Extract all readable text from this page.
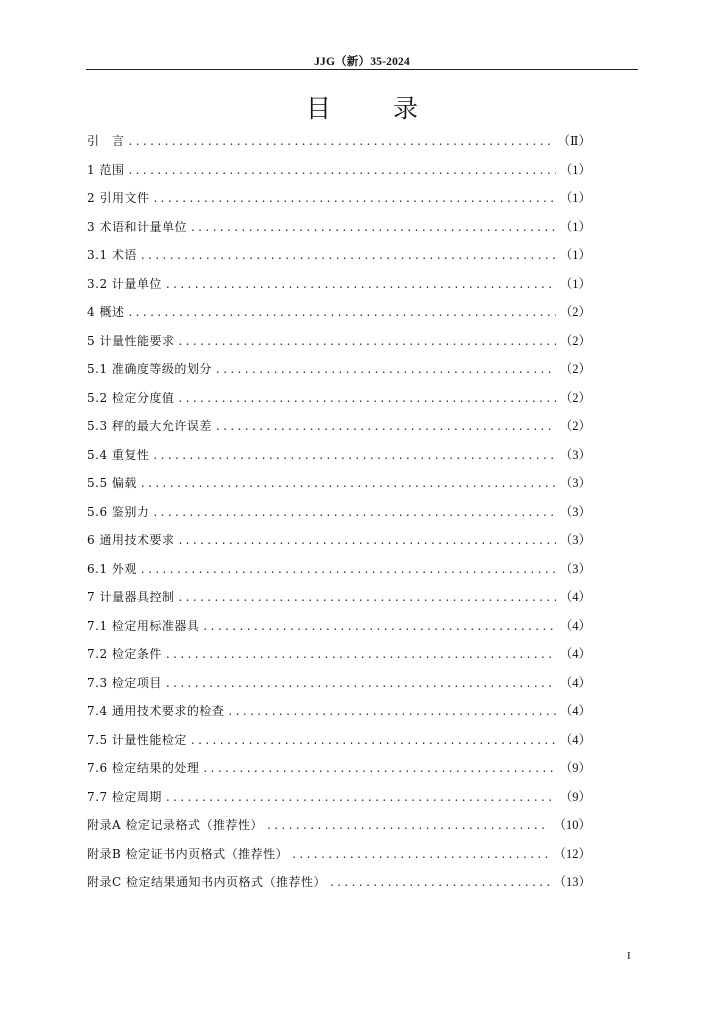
JJG（新）35-2024

目 录
引　言 .....	（Ⅱ）
1 范围 .....	（1）
2 引用文件 .....	（1）
3 术语和计量单位 .....	（1）
3.1 术语 .....	（1）
3.2 计量单位 .....	（1）
4 概述 .....	（2）
5 计量性能要求 .....	（2）
5.1 准确度等级的划分 .....	（2）
5.2 检定分度值 .....	（2）
5.3 秤的最大允许误差 .....	（2）
5.4 重复性 .....	（3）
5.5 偏载 .....	（3）
5.6 鉴别力 .....	（3）
6 通用技术要求 .....	（3）
6.1 外观 .....	（3）
7 计量器具控制 .....	（4）
7.1 检定用标准器具 .....	（4）
7.2 检定条件 .....	（4）
7.3 检定项目 .....	（4）
7.4 通用技术要求的检查 .....	（4）
7.5 计量性能检定 .....	（4）
7.6 检定结果的处理 .....	（9）
7.7 检定周期 .....	（9）
附录A 检定记录格式（推荐性） .....	（10）
附录B 检定证书内页格式（推荐性） .....	（12）
附录C 检定结果通知书内页格式（推荐性） .....	（13）

I
